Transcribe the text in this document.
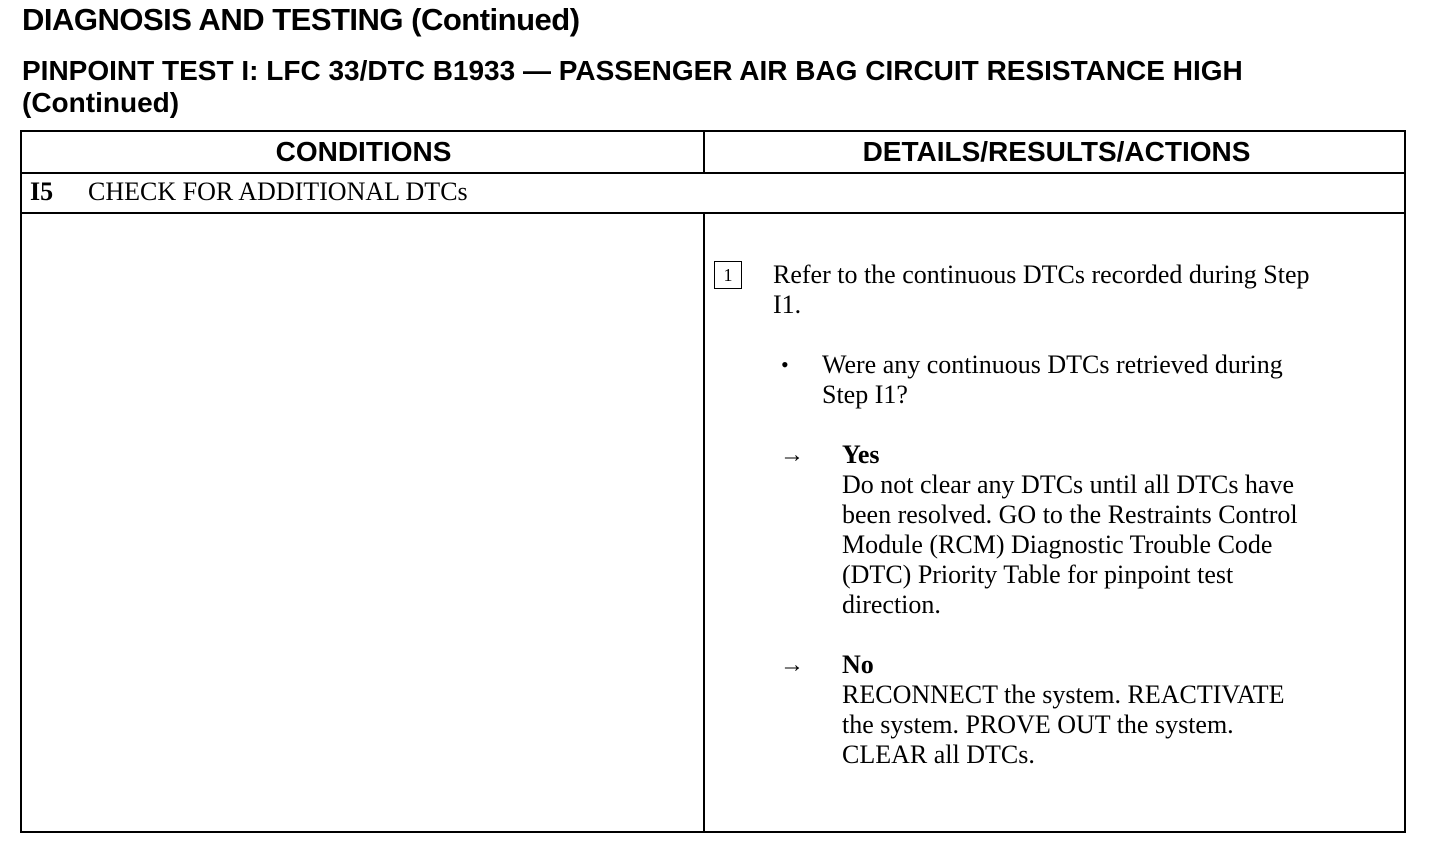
DIAGNOSIS AND TESTING (Continued)
PINPOINT TEST I: LFC 33/DTC B1933 — PASSENGER AIR BAG CIRCUIT RESISTANCE HIGH
(Continued)
CONDITIONS	DETAILS/RESULTS/ACTIONS
I5 CHECK FOR ADDITIONAL DTCs
1	Refer to the continuous DTCs recorded during Step
I1.
• Were any continuous DTCs retrieved during
Step I1?
→ Yes
Do not clear any DTCs until all DTCs have
been resolved. GO to the Restraints Control
Module (RCM) Diagnostic Trouble Code
(DTC) Priority Table for pinpoint test
direction.
→ No
RECONNECT the system. REACTIVATE
the system. PROVE OUT the system.
CLEAR all DTCs.
